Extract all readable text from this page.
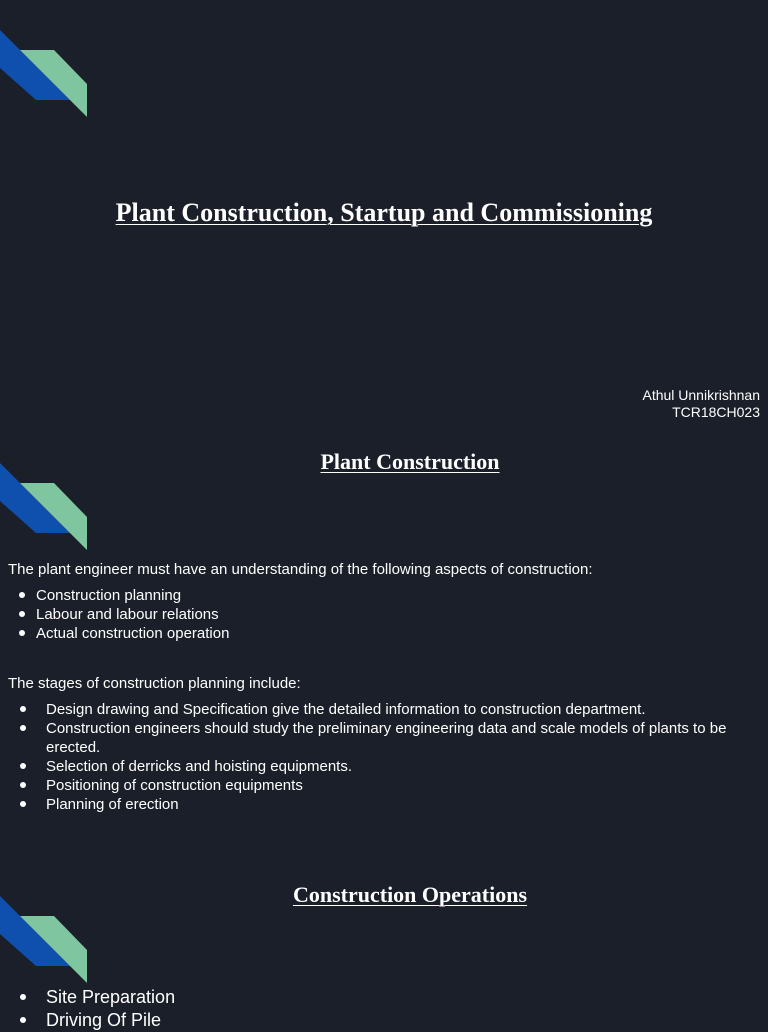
Plant Construction, Startup and Commissioning
Athul Unnikrishnan
TCR18CH023
Plant Construction
The plant engineer must have an understanding of the following aspects of construction:
Construction planning
Labour and labour relations
Actual construction operation
The stages of construction planning include:
Design drawing and Specification give the detailed information to construction department.
Construction engineers should study the preliminary engineering data and scale models of plants to be erected.
Selection of derricks and hoisting equipments.
Positioning of construction equipments
Planning of erection
Construction Operations
Site Preparation
Driving Of Pile
